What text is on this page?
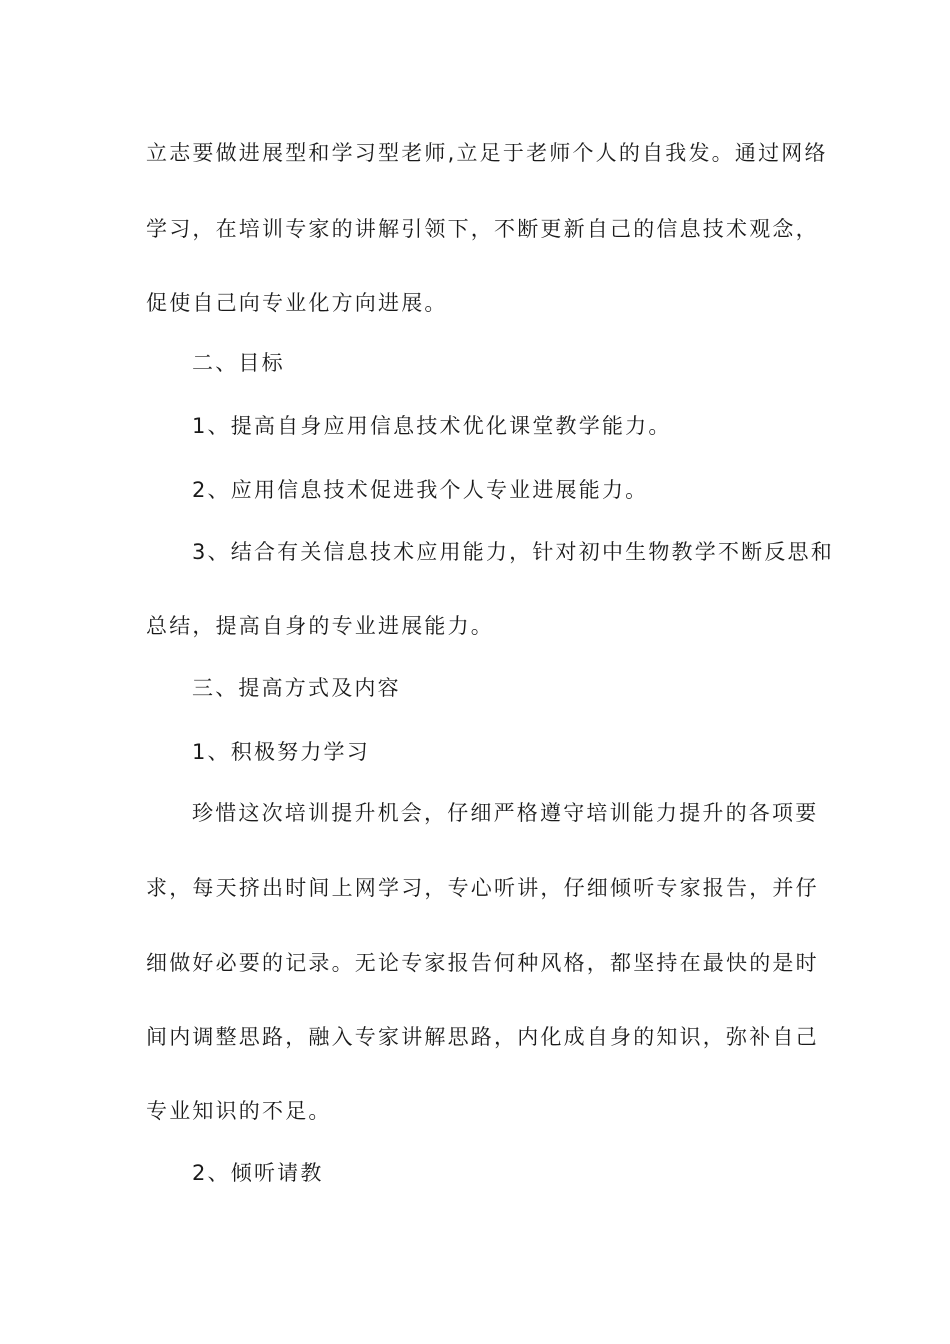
立志要做进展型和学习型老师,立足于老师个人的自我发。通过网络
学习，在培训专家的讲解引领下，不断更新自己的信息技术观念，
促使自己向专业化方向进展。
二、目标
1、提高自身应用信息技术优化课堂教学能力。
2、应用信息技术促进我个人专业进展能力。
3、结合有关信息技术应用能力，针对初中生物教学不断反思和
总结，提高自身的专业进展能力。
三、提高方式及内容
1、积极努力学习
珍惜这次培训提升机会，仔细严格遵守培训能力提升的各项要
求，每天挤出时间上网学习，专心听讲，仔细倾听专家报告，并仔
细做好必要的记录。无论专家报告何种风格，都坚持在最快的是时
间内调整思路，融入专家讲解思路，内化成自身的知识，弥补自己
专业知识的不足。
2、倾听请教
